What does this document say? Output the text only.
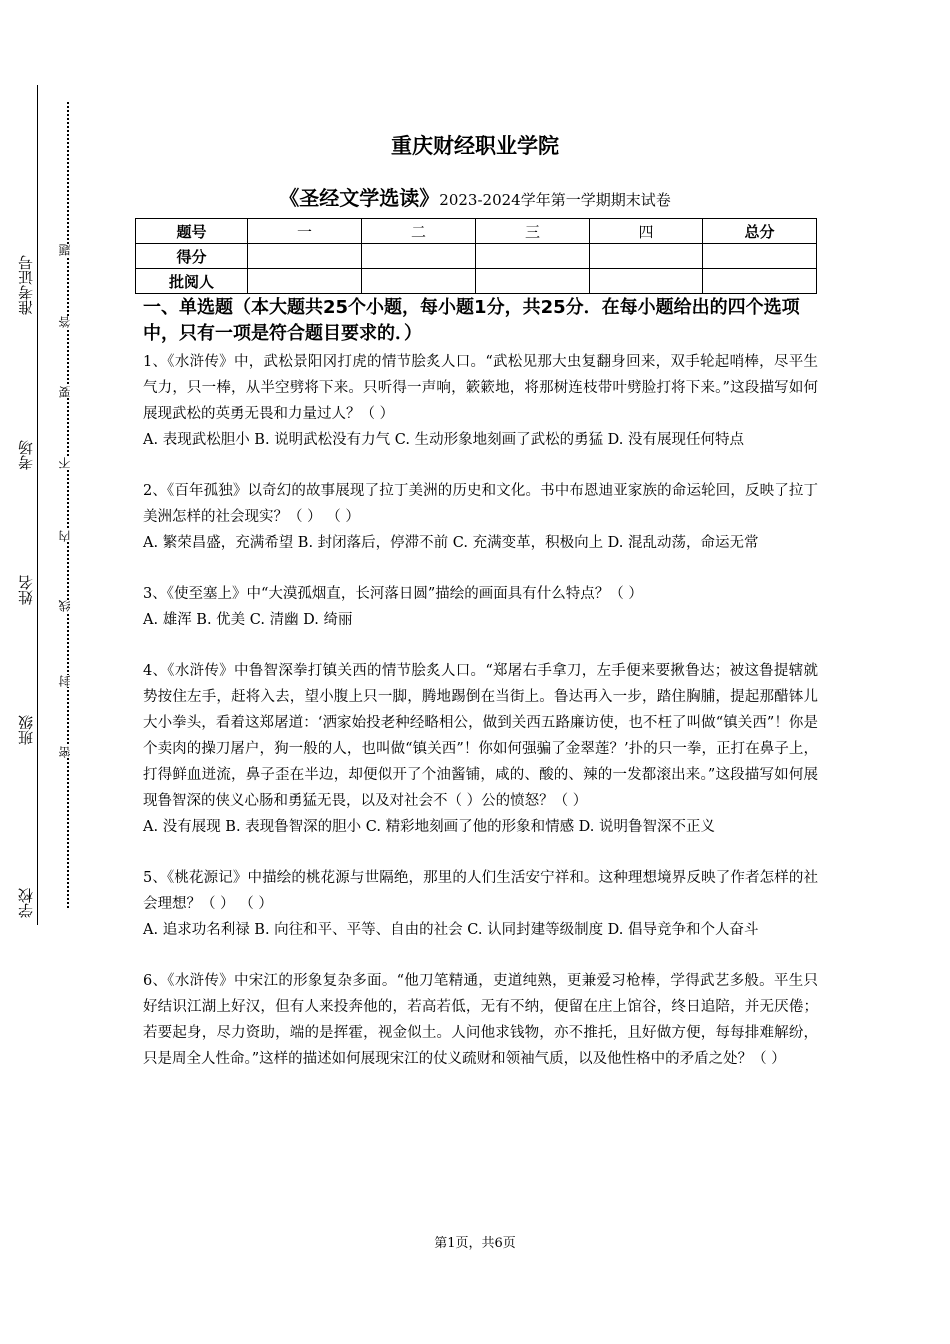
准考证号
考场
姓名
班级
学校
题
答
要
不
内
线
封
密
重庆财经职业学院
《圣经文学选读》2023-2024学年第一学期期末试卷
题号	一	二	三	四	总分
得分					
批阅人					
一、单选题（本大题共25个小题，每小题1分，共25分．在每小题给出的四个选项中，只有一项是符合题目要求的．）

1、《水浒传》中，武松景阳冈打虎的情节脍炙人口。“武松见那大虫复翻身回来，双手轮起哨棒，尽平生气力，只一棒，从半空劈将下来。只听得一声响，簌簌地，将那树连枝带叶劈脸打将下来。”这段描写如何展现武松的英勇无畏和力量过人？（ ）

A. 表现武松胆小 B. 说明武松没有力气 C. 生动形象地刻画了武松的勇猛 D. 没有展现任何特点

2、《百年孤独》以奇幻的故事展现了拉丁美洲的历史和文化。书中布恩迪亚家族的命运轮回，反映了拉丁美洲怎样的社会现实？（ ） （ ）

A. 繁荣昌盛，充满希望 B. 封闭落后，停滞不前 C. 充满变革，积极向上 D. 混乱动荡，命运无常

3、《使至塞上》中“大漠孤烟直，长河落日圆”描绘的画面具有什么特点？（ ）

A. 雄浑 B. 优美 C. 清幽 D. 绮丽

4、《水浒传》中鲁智深拳打镇关西的情节脍炙人口。“郑屠右手拿刀，左手便来要揪鲁达；被这鲁提辖就势按住左手，赶将入去，望小腹上只一脚，腾地踢倒在当街上。鲁达再入一步，踏住胸脯，提起那醋钵儿大小拳头，看着这郑屠道：‘洒家始投老种经略相公，做到关西五路廉访使，也不枉了叫做“镇关西”！你是个卖肉的操刀屠户，狗一般的人，也叫做“镇关西”！你如何强骗了金翠莲？’扑的只一拳，正打在鼻子上，打得鲜血迸流，鼻子歪在半边，却便似开了个油酱铺，咸的、酸的、辣的一发都滚出来。”这段描写如何展现鲁智深的侠义心肠和勇猛无畏，以及对社会不（ ）公的愤怒？（ ）

A. 没有展现 B. 表现鲁智深的胆小 C. 精彩地刻画了他的形象和情感 D. 说明鲁智深不正义

5、《桃花源记》中描绘的桃花源与世隔绝，那里的人们生活安宁祥和。这种理想境界反映了作者怎样的社会理想？（ ） （ ）

A. 追求功名利禄 B. 向往和平、平等、自由的社会 C. 认同封建等级制度 D. 倡导竞争和个人奋斗

6、《水浒传》中宋江的形象复杂多面。“他刀笔精通，吏道纯熟，更兼爱习枪棒，学得武艺多般。平生只好结识江湖上好汉，但有人来投奔他的，若高若低，无有不纳，便留在庄上馆谷，终日追陪，并无厌倦；若要起身，尽力资助，端的是挥霍，视金似土。人问他求钱物，亦不推托，且好做方便，每每排难解纷，只是周全人性命。”这样的描述如何展现宋江的仗义疏财和领袖气质，以及他性格中的矛盾之处？（ ）

第1页，共6页
